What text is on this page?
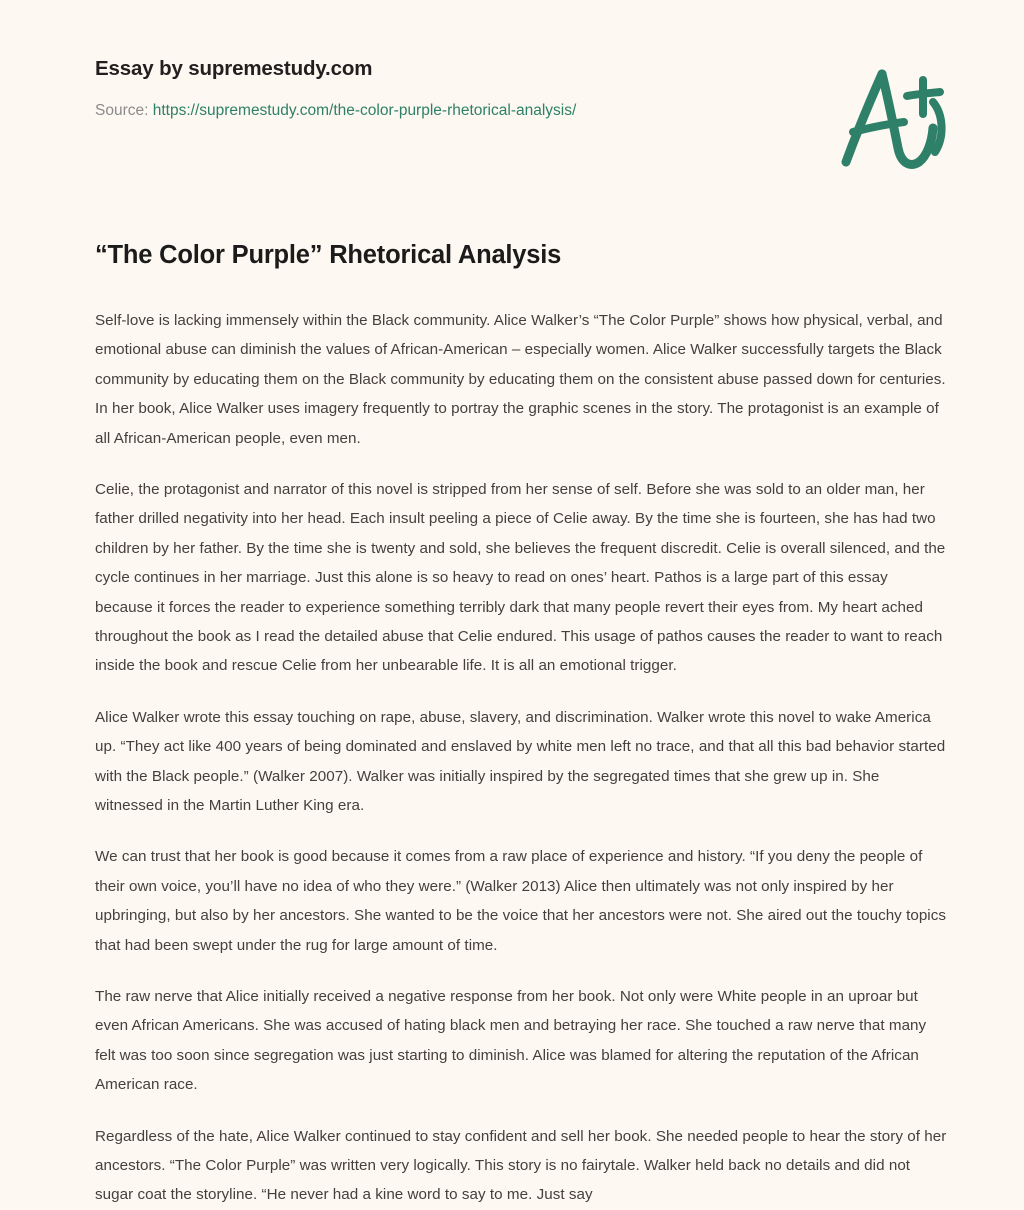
Essay by supremestudy.com
Source: https://supremestudy.com/the-color-purple-rhetorical-analysis/
“The Color Purple” Rhetorical Analysis

Self-love is lacking immensely within the Black community. Alice Walker’s “The Color Purple” shows how physical, verbal, and emotional abuse can diminish the values of African-American – especially women. Alice Walker successfully targets the Black community by educating them on the Black community by educating them on the consistent abuse passed down for centuries. In her book, Alice Walker uses imagery frequently to portray the graphic scenes in the story. The protagonist is an example of all African-American people, even men.

Celie, the protagonist and narrator of this novel is stripped from her sense of self. Before she was sold to an older man, her father drilled negativity into her head. Each insult peeling a piece of Celie away. By the time she is fourteen, she has had two children by her father. By the time she is twenty and sold, she believes the frequent discredit. Celie is overall silenced, and the cycle continues in her marriage. Just this alone is so heavy to read on ones’ heart. Pathos is a large part of this essay because it forces the reader to experience something terribly dark that many people revert their eyes from. My heart ached throughout the book as I read the detailed abuse that Celie endured. This usage of pathos causes the reader to want to reach inside the book and rescue Celie from her unbearable life. It is all an emotional trigger.

Alice Walker wrote this essay touching on rape, abuse, slavery, and discrimination. Walker wrote this novel to wake America up. “They act like 400 years of being dominated and enslaved by white men left no trace, and that all this bad behavior started with the Black people.” (Walker 2007). Walker was initially inspired by the segregated times that she grew up in. She witnessed in the Martin Luther King era.

We can trust that her book is good because it comes from a raw place of experience and history. “If you deny the people of their own voice, you’ll have no idea of who they were.” (Walker 2013) Alice then ultimately was not only inspired by her upbringing, but also by her ancestors. She wanted to be the voice that her ancestors were not. She aired out the touchy topics that had been swept under the rug for large amount of time.

The raw nerve that Alice initially received a negative response from her book. Not only were White people in an uproar but even African Americans. She was accused of hating black men and betraying her race. She touched a raw nerve that many felt was too soon since segregation was just starting to diminish. Alice was blamed for altering the reputation of the African American race.

Regardless of the hate, Alice Walker continued to stay confident and sell her book. She needed people to hear the story of her ancestors. “The Color Purple” was written very logically. This story is no fairytale. Walker held back no details and did not sugar coat the storyline. “He never had a kine word to say to me. Just say
